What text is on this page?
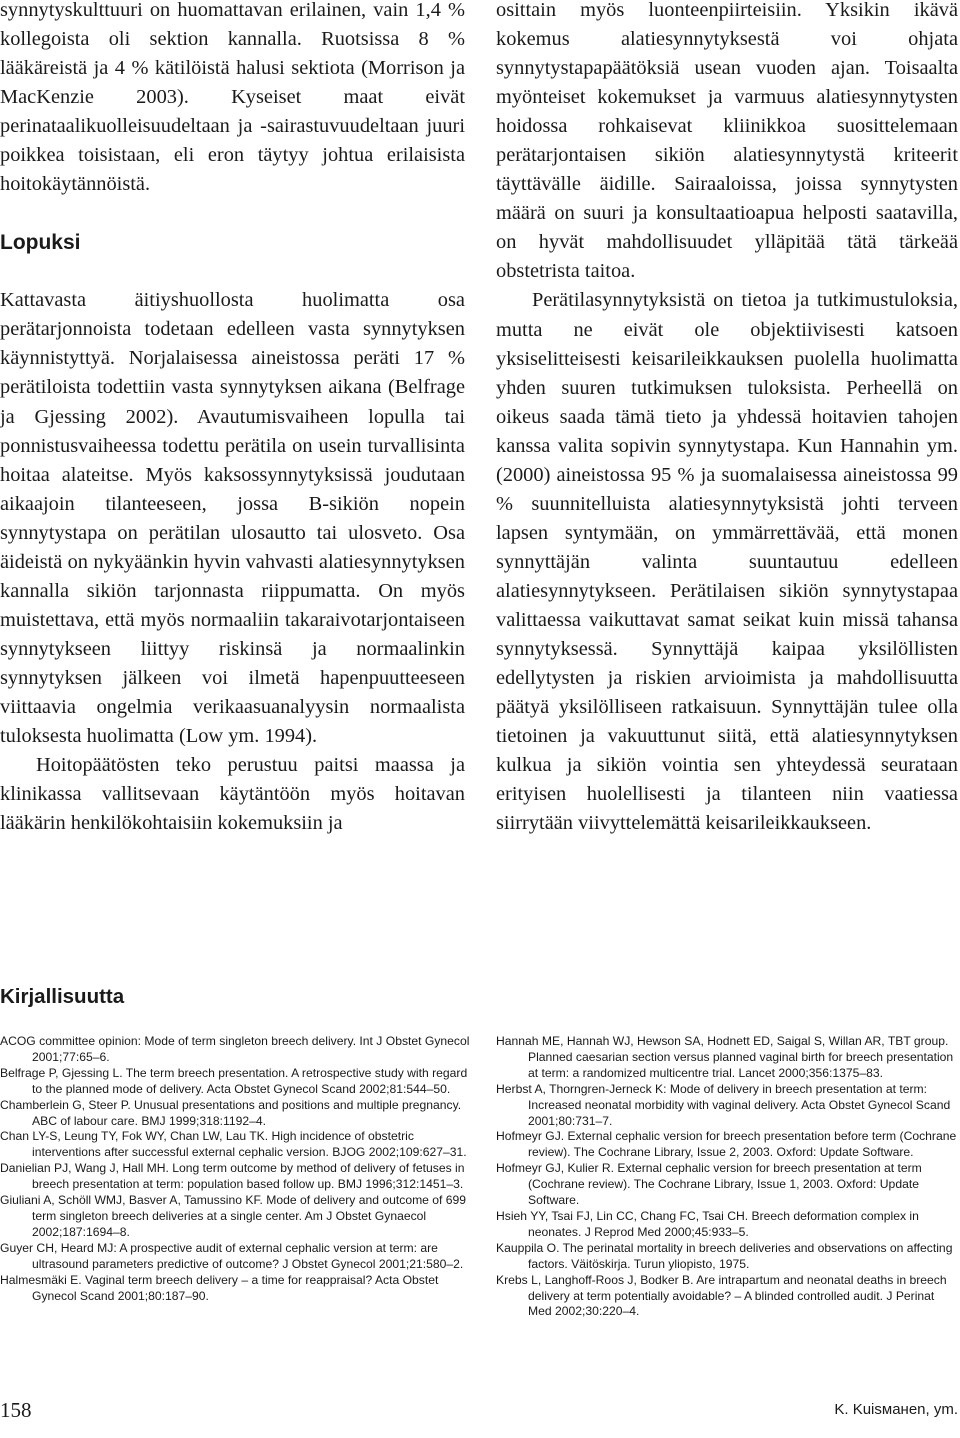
synnytyskulttuuri on huomattavan erilainen, vain 1,4 % kollegoista oli sektion kannalla. Ruotsissa 8 % lääkäreistä ja 4 % kätilöistä halusi sektiota (Morrison ja MacKenzie 2003). Kyseiset maat eivät perinataalikuolleisuudeltaan ja -sairastuvuudeltaan juuri poikkea toisistaan, eli eron täytyy johtua erilaisista hoitokäytännöistä.

Lopuksi

Kattavasta äitiyshuollosta huolimatta osa perätarjonnoista todetaan edelleen vasta synnytyksen käynnistyttyä. Norjalaisessa aineistossa peräti 17 % perätiloista todettiin vasta synnytyksen aikana (Belfrage ja Gjessing 2002). Avautumisvaiheen lopulla tai ponnistusvaiheessa todettu perätila on usein turvallisinta hoitaa alateitse. Myös kaksossynnytyksissä joudutaan aikaajoin tilanteeseen, jossa B-sikiön nopein synnytystapa on perätilan ulosautto tai ulosveto. Osa äideistä on nykyäänkin hyvin vahvasti alatiesynnytyksen kannalla sikiön tarjonnasta riippumatta. On myös muistettava, että myös normaaliin takaraivotarjontaiseen synnytykseen liittyy riskinsä ja normaalinkin synnytyksen jälkeen voi ilmetä hapenpuutteeseen viittaavia ongelmia verikaasuanalyysin normaalista tuloksesta huolimatta (Low ym. 1994).

Hoitopäätösten teko perustuu paitsi maassa ja klinikassa vallitsevaan käytäntöön myös hoitavan lääkärin henkilökohtaisiin kokemuksiin ja

osittain myös luonteenpiirteisiin. Yksikin ikävä kokemus alatiesynnytyksestä voi ohjata synnytystapapäätöksiä usean vuoden ajan. Toisaalta myönteiset kokemukset ja varmuus alatiesynnytysten hoidossa rohkaisevat kliinikkoa suosittelemaan perätarjontaisen sikiön alatiesynnytystä kriteerit täyttävälle äidille. Sairaaloissa, joissa synnytysten määrä on suuri ja konsultaatioapua helposti saatavilla, on hyvät mahdollisuudet ylläpitää tätä tärkeää obstetrista taitoa.

Perätilasynnytyksistä on tietoa ja tutkimustuloksia, mutta ne eivät ole objektiivisesti katsoen yksiselitteisesti keisarileikkauksen puolella huolimatta yhden suuren tutkimuksen tuloksista. Perheellä on oikeus saada tämä tieto ja yhdessä hoitavien tahojen kanssa valita sopivin synnytystapa. Kun Hannahin ym. (2000) aineistossa 95 % ja suomalaisessa aineistossa 99 % suunnitelluista alatiesynnytyksistä johti terveen lapsen syntymään, on ymmärrettävää, että monen synnyttäjän valinta suuntautuu edelleen alatiesynnytykseen. Perätilaisen sikiön synnytystapaa valittaessa vaikuttavat samat seikat kuin missä tahansa synnytyksessä. Synnyttäjä kaipaa yksilöllisten edellytysten ja riskien arvioimista ja mahdollisuutta päätyä yksilölliseen ratkaisuun. Synnyttäjän tulee olla tietoinen ja vakuuttunut siitä, että alatiesynnytyksen kulkua ja sikiön vointia sen yhteydessä seurataan erityisen huolellisesti ja tilanteen niin vaatiessa siirrytään viivyttelemättä keisarileikkaukseen.

Kirjallisuutta
ACOG committee opinion: Mode of term singleton breech delivery. Int J Obstet Gynecol 2001;77:65–6.
Belfrage P, Gjessing L. The term breech presentation. A retrospective study with regard to the planned mode of delivery. Acta Obstet Gynecol Scand 2002;81:544–50.
Chamberlein G, Steer P. Unusual presentations and positions and multiple pregnancy. ABC of labour care. BMJ 1999;318:1192–4.
Chan LY-S, Leung TY, Fok WY, Chan LW, Lau TK. High incidence of obstetric interventions after successful external cephalic version. BJOG 2002;109:627–31.
Danielian PJ, Wang J, Hall MH. Long term outcome by method of delivery of fetuses in breech presentation at term: population based follow up. BMJ 1996;312:1451–3.
Giuliani A, Schöll WMJ, Basver A, Tamussino KF. Mode of delivery and outcome of 699 term singleton breech deliveries at a single center. Am J Obstet Gynaecol 2002;187:1694–8.
Guyer CH, Heard MJ: A prospective audit of external cephalic version at term: are ultrasound parameters predictive of outcome? J Obstet Gynecol 2001;21:580–2.
Halmesmäki E. Vaginal term breech delivery – a time for reappraisal? Acta Obstet Gynecol Scand 2001;80:187–90.
Hannah ME, Hannah WJ, Hewson SA, Hodnett ED, Saigal S, Willan AR, TBT group. Planned caesarian section versus planned vaginal birth for breech presentation at term: a randomized multicentre trial. Lancet 2000;356:1375–83.
Herbst A, Thorngren-Jerneck K: Mode of delivery in breech presentation at term: Increased neonatal morbidity with vaginal delivery. Acta Obstet Gynecol Scand 2001;80:731–7.
Hofmeyr GJ. External cephalic version for breech presentation before term (Cochrane review). The Cochrane Library, Issue 2, 2003. Oxford: Update Software.
Hofmeyr GJ, Kulier R. External cephalic version for breech presentation at term (Cochrane review). The Cochrane Library, Issue 1, 2003. Oxford: Update Software.
Hsieh YY, Tsai FJ, Lin CC, Chang FC, Tsai CH. Breech deformation complex in neonates. J Reprod Med 2000;45:933–5.
Kauppila O. The perinatal mortality in breech deliveries and observations on affecting factors. Väitöskirja. Turun yliopisto, 1975.
Krebs L, Langhoff-Roos J, Bodker B. Are intrapartum and neonatal deaths in breech delivery at term potentially avoidable? – A blinded controlled audit. J Perinat Med 2002;30:220–4.
158	K. Kuisманen, ym.
